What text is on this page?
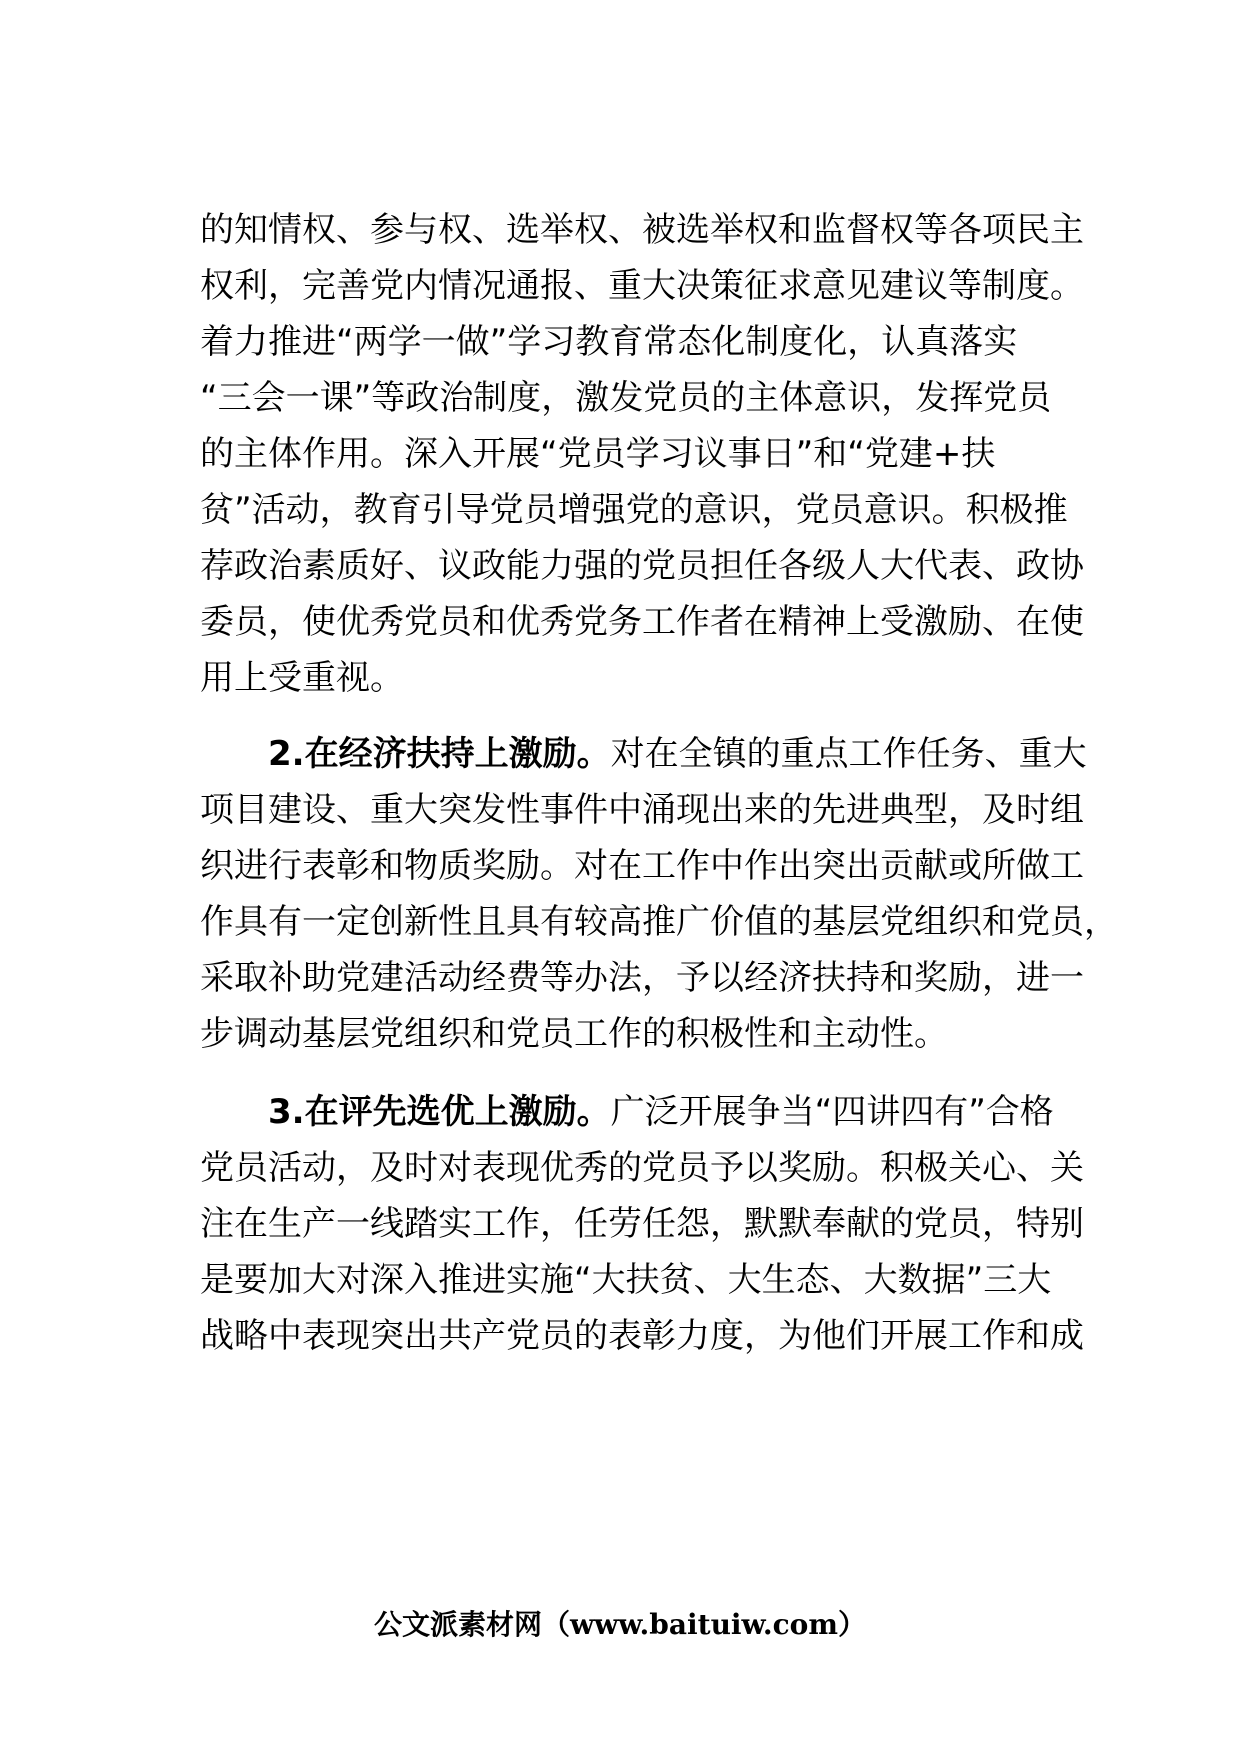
的知情权、参与权、选举权、被选举权和监督权等各项民主
权利，完善党内情况通报、重大决策征求意见建议等制度。
着力推进“两学一做”学习教育常态化制度化，认真落实
“三会一课”等政治制度，激发党员的主体意识，发挥党员
的主体作用。深入开展“党员学习议事日”和“党建+扶
贫”活动，教育引导党员增强党的意识，党员意识。积极推
荐政治素质好、议政能力强的党员担任各级人大代表、政协
委员，使优秀党员和优秀党务工作者在精神上受激励、在使
用上受重视。
2.在经济扶持上激励。对在全镇的重点工作任务、重大
项目建设、重大突发性事件中涌现出来的先进典型，及时组
织进行表彰和物质奖励。对在工作中作出突出贡献或所做工
作具有一定创新性且具有较高推广价值的基层党组织和党员，
采取补助党建活动经费等办法，予以经济扶持和奖励，进一
步调动基层党组织和党员工作的积极性和主动性。
3.在评先选优上激励。广泛开展争当“四讲四有”合格
党员活动，及时对表现优秀的党员予以奖励。积极关心、关
注在生产一线踏实工作，任劳任怨，默默奉献的党员，特别
是要加大对深入推进实施“大扶贫、大生态、大数据”三大
战略中表现突出共产党员的表彰力度，为他们开展工作和成
公文派素材网（www.baituiw.com）
